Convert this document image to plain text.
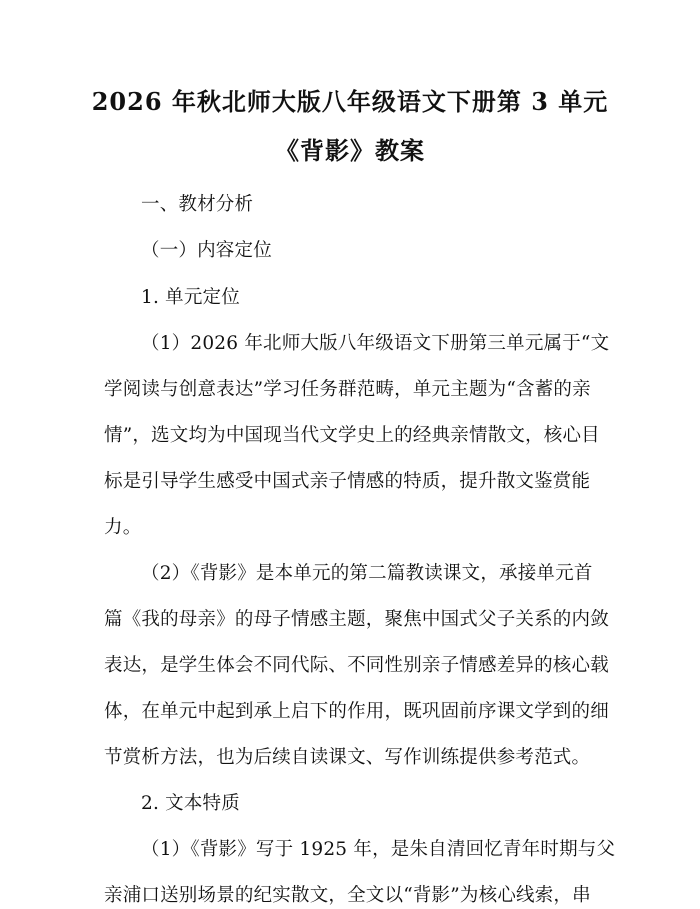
2026 年秋北师大版八年级语文下册第 3 单元
《背影》教案
一、教材分析
（一）内容定位
1. 单元定位
（1）2026 年北师大版八年级语文下册第三单元属于“文
学阅读与创意表达”学习任务群范畴，单元主题为“含蓄的亲
情”，选文均为中国现当代文学史上的经典亲情散文，核心目
标是引导学生感受中国式亲子情感的特质，提升散文鉴赏能
力。
（2）《背影》是本单元的第二篇教读课文，承接单元首
篇《我的母亲》的母子情感主题，聚焦中国式父子关系的内敛
表达，是学生体会不同代际、不同性别亲子情感差异的核心载
体，在单元中起到承上启下的作用，既巩固前序课文学到的细
节赏析方法，也为后续自读课文、写作训练提供参考范式。
2. 文本特质
（1）《背影》写于 1925 年，是朱自清回忆青年时期与父
亲浦口送别场景的纪实散文，全文以“背影”为核心线索，串
